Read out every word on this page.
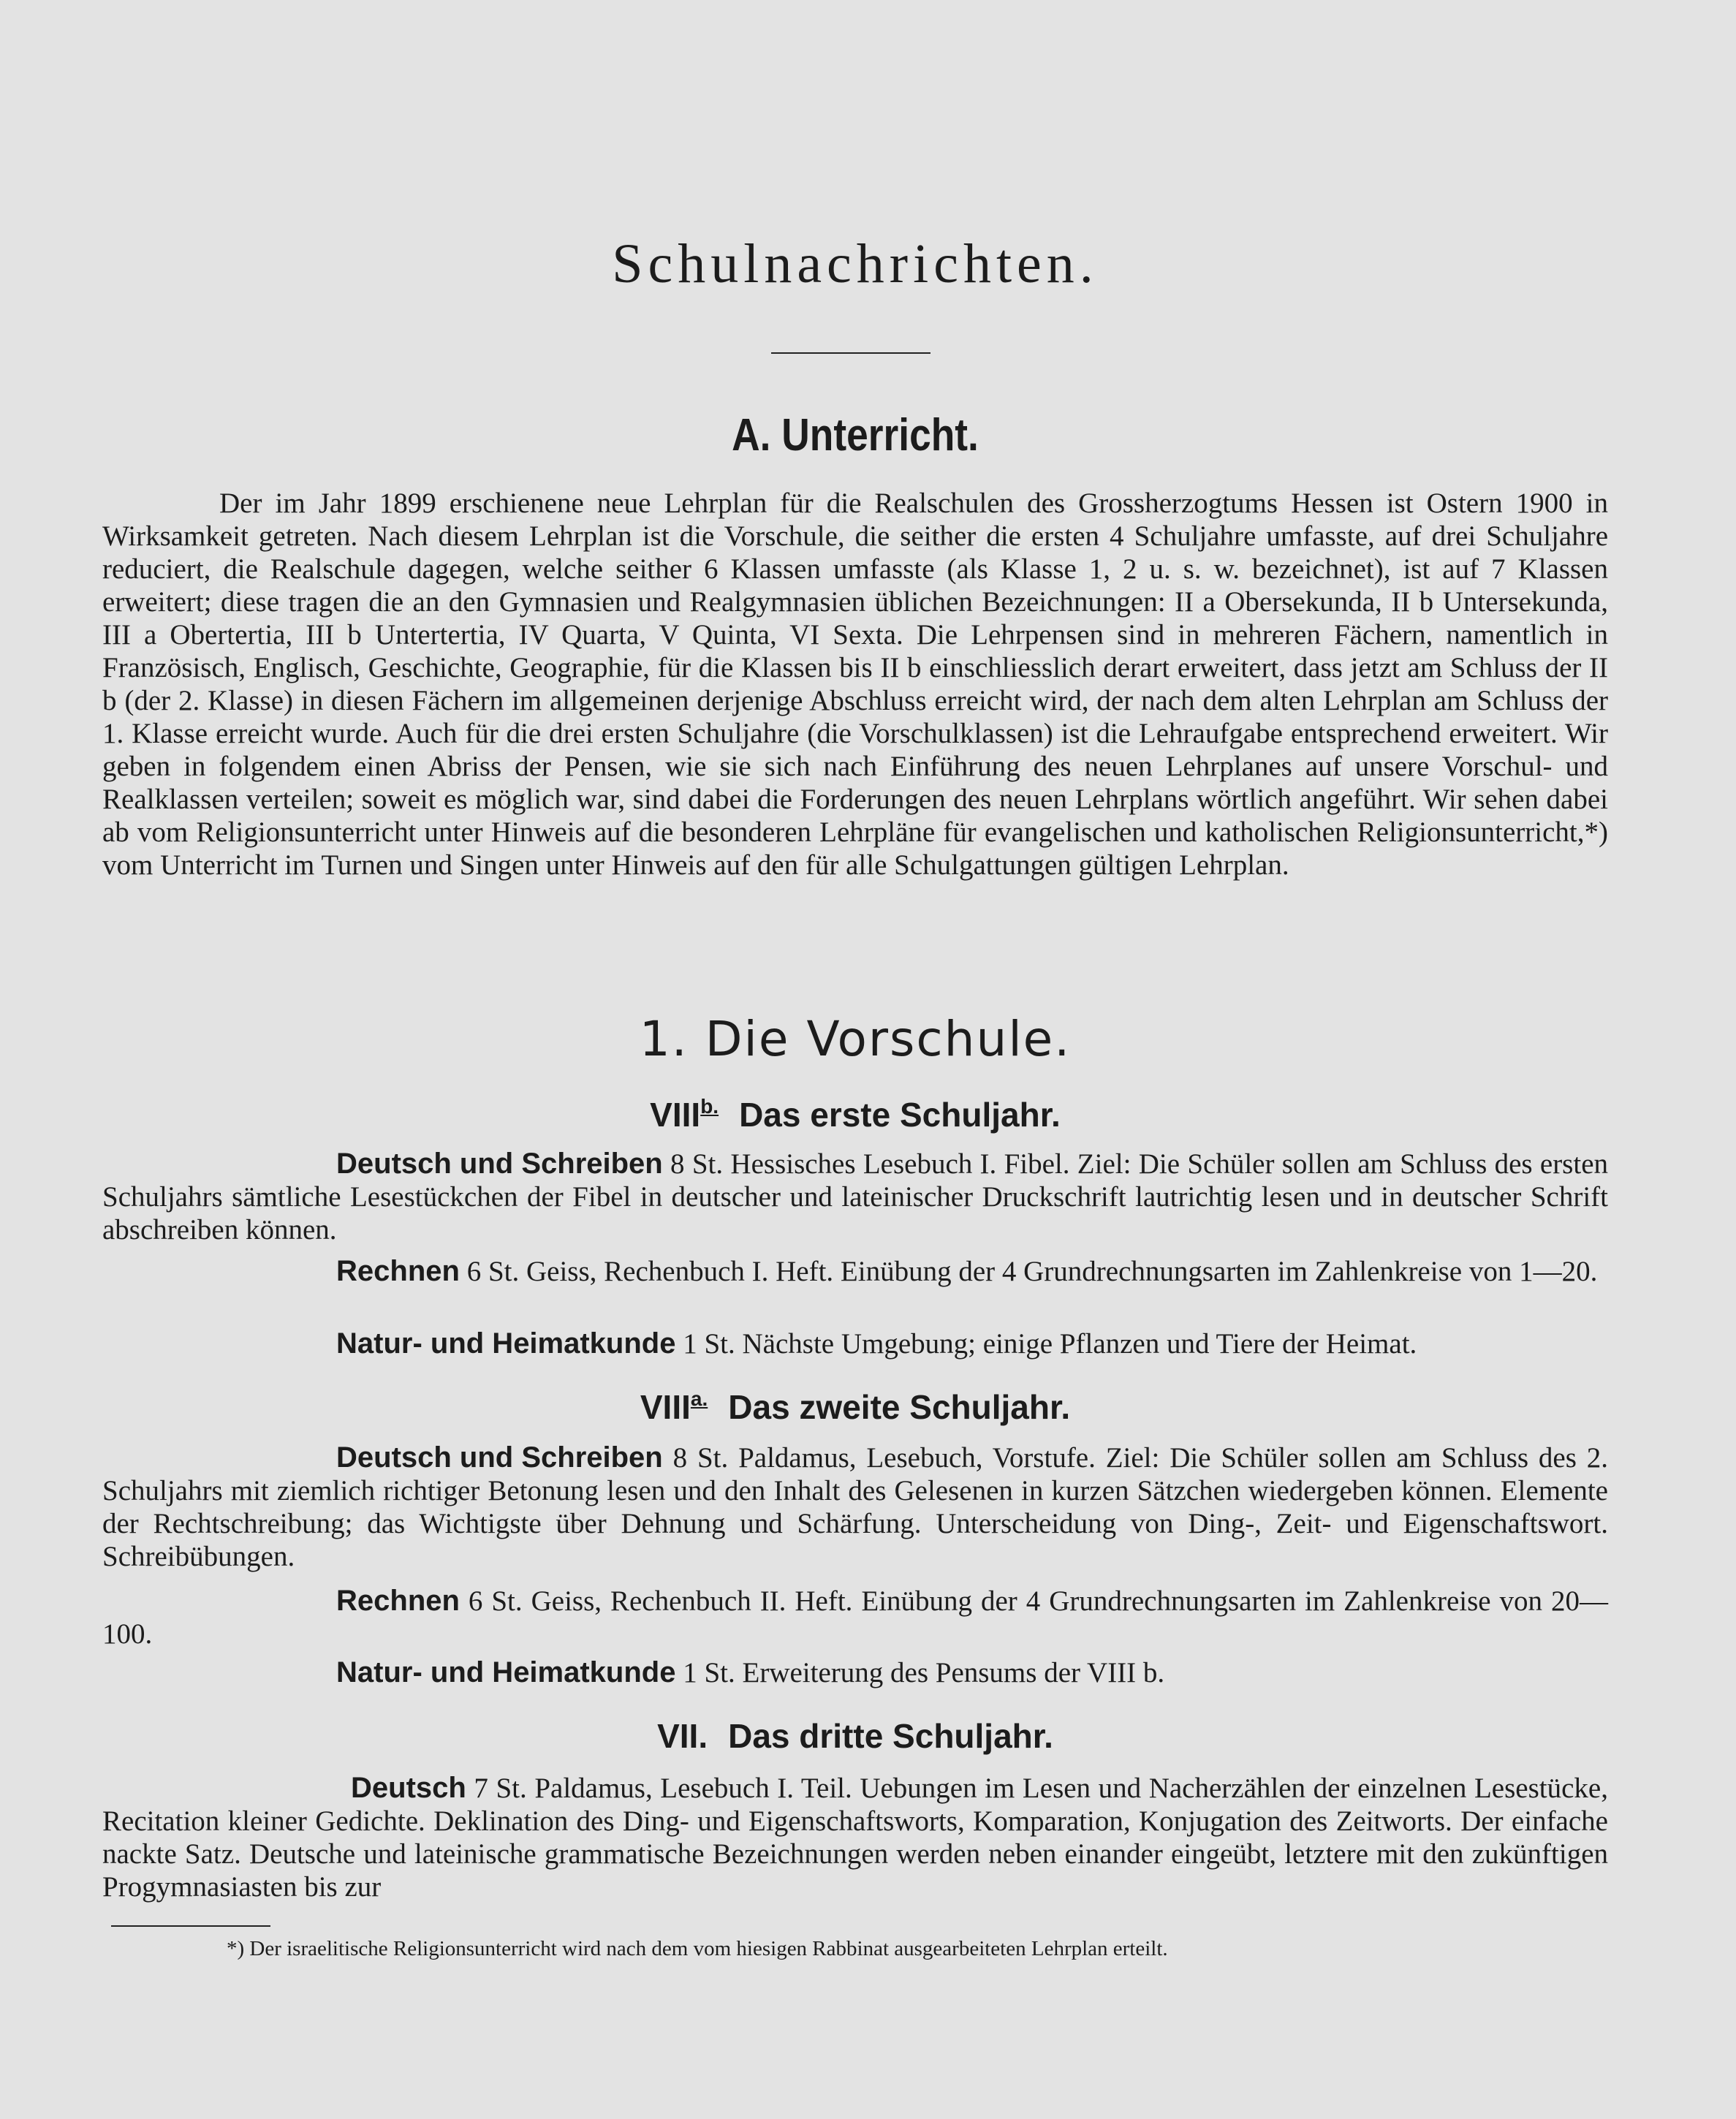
Schulnachrichten.
A. Unterricht.
Der im Jahr 1899 erschienene neue Lehrplan für die Realschulen des Grossherzogtums Hessen ist Ostern 1900 in Wirksamkeit getreten. Nach diesem Lehrplan ist die Vorschule, die seither die ersten 4 Schuljahre umfasste, auf drei Schuljahre reduciert, die Realschule dagegen, welche seither 6 Klassen umfasste (als Klasse 1, 2 u. s. w. bezeichnet), ist auf 7 Klassen erweitert; diese tragen die an den Gymnasien und Realgymnasien üblichen Bezeichnungen: II a Obersekunda, II b Untersekunda, III a Obertertia, III b Untertertia, IV Quarta, V Quinta, VI Sexta. Die Lehrpensen sind in mehreren Fächern, namentlich in Französisch, Englisch, Geschichte, Geographie, für die Klassen bis II b einschliesslich derart erweitert, dass jetzt am Schluss der II b (der 2. Klasse) in diesen Fächern im allgemeinen derjenige Abschluss erreicht wird, der nach dem alten Lehrplan am Schluss der 1. Klasse erreicht wurde. Auch für die drei ersten Schuljahre (die Vorschulklassen) ist die Lehraufgabe entsprechend erweitert. Wir geben in folgendem einen Abriss der Pensen, wie sie sich nach Einführung des neuen Lehrplanes auf unsere Vorschul- und Realklassen verteilen; soweit es möglich war, sind dabei die Forderungen des neuen Lehrplans wörtlich angeführt. Wir sehen dabei ab vom Religionsunterricht unter Hinweis auf die besonderen Lehrpläne für evangelischen und katholischen Religionsunterricht,*) vom Unterricht im Turnen und Singen unter Hinweis auf den für alle Schulgattungen gültigen Lehrplan.
1. Die Vorschule.
$VIII^{b.}$ Das erste Schuljahr.
Deutsch und Schreiben 8 St. Hessisches Lesebuch I. Fibel. Ziel: Die Schüler sollen am Schluss des ersten Schuljahrs sämtliche Lesestückchen der Fibel in deutscher und lateinischer Druckschrift lautrichtig lesen und in deutscher Schrift abschreiben können.
Rechnen 6 St. Geiss, Rechenbuch I. Heft. Einübung der 4 Grundrechnungsarten im Zahlenkreise von 1—20.
Natur- und Heimatkunde 1 St. Nächste Umgebung; einige Pflanzen und Tiere der Heimat.
$VIII^{a.}$ Das zweite Schuljahr.
Deutsch und Schreiben 8 St. Paldamus, Lesebuch, Vorstufe. Ziel: Die Schüler sollen am Schluss des 2. Schuljahrs mit ziemlich richtiger Betonung lesen und den Inhalt des Gelesenen in kurzen Sätzchen wiedergeben können. Elemente der Rechtschreibung; das Wichtigste über Dehnung und Schärfung. Unterscheidung von Ding-, Zeit- und Eigenschaftswort. Schreibübungen.
Rechnen 6 St. Geiss, Rechenbuch II. Heft. Einübung der 4 Grundrechnungsarten im Zahlenkreise von 20—100.
Natur- und Heimatkunde 1 St. Erweiterung des Pensums der VIII b.
VII. Das dritte Schuljahr.
Deutsch 7 St. Paldamus, Lesebuch I. Teil. Uebungen im Lesen und Nacherzählen der einzelnen Lesestücke, Recitation kleiner Gedichte. Deklination des Ding- und Eigenschaftsworts, Komparation, Konjugation des Zeitworts. Der einfache nackte Satz. Deutsche und lateinische grammatische Bezeichnungen werden neben einander eingeübt, letztere mit den zukünftigen Progymnasiasten bis zur
*) Der israelitische Religionsunterricht wird nach dem vom hiesigen Rabbinat ausgearbeiteten Lehrplan erteilt.
